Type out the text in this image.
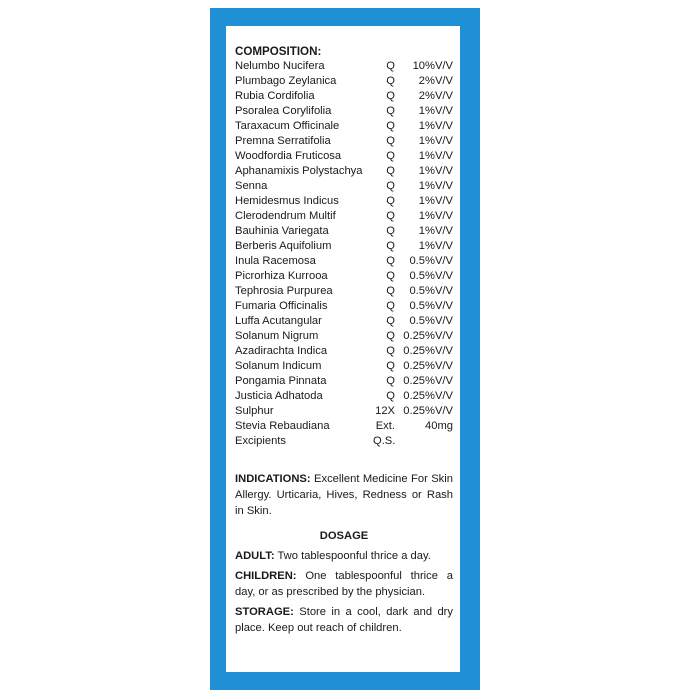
COMPOSITION:
Nelumbo Nucifera	Q	10%V/V
Plumbago Zeylanica	Q	2%V/V
Rubia Cordifolia	Q	2%V/V
Psoralea Corylifolia	Q	1%V/V
Taraxacum Officinale	Q	1%V/V
Premna Serratifolia	Q	1%V/V
Woodfordia Fruticosa	Q	1%V/V
Aphanamixis Polystachya	Q	1%V/V
Senna	Q	1%V/V
Hemidesmus Indicus	Q	1%V/V
Clerodendrum Multif	Q	1%V/V
Bauhinia Variegata	Q	1%V/V
Berberis Aquifolium	Q	1%V/V
Inula Racemosa	Q	0.5%V/V
Picrorhiza Kurrooa	Q	0.5%V/V
Tephrosia Purpurea	Q	0.5%V/V
Fumaria Officinalis	Q	0.5%V/V
Luffa Acutangular	Q	0.5%V/V
Solanum Nigrum	Q 0.25%V/V
Azadirachta Indica	Q 0.25%V/V
Solanum Indicum	Q 0.25%V/V
Pongamia Pinnata	Q 0.25%V/V
Justicia Adhatoda	Q 0.25%V/V
Sulphur	12X 0.25%V/V
Stevia Rebaudiana	Ext.	40mg
Excipients	Q.S.

INDICATIONS: Excellent Medicine For Skin Allergy. Urticaria, Hives, Redness or Rash in Skin.

DOSAGE

ADULT: Two tablespoonful thrice a day.

CHILDREN: One tablespoonful thrice a day, or as prescribed by the physician.

STORAGE: Store in a cool, dark and dry place. Keep out reach of children.
